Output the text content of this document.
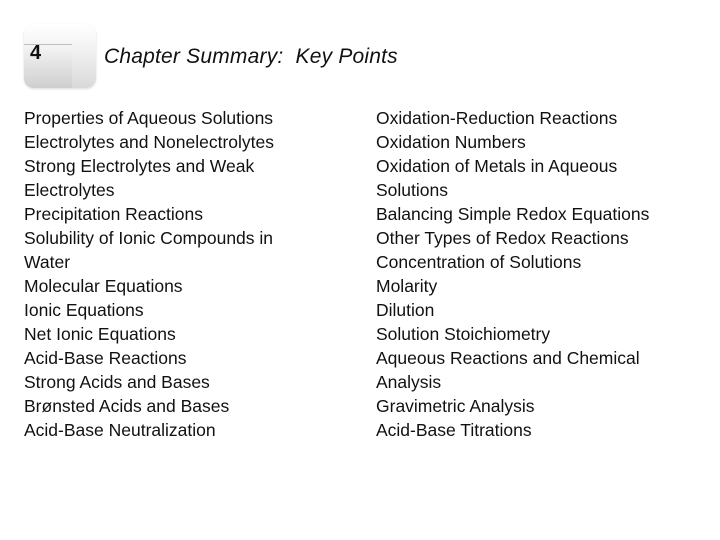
4	Chapter Summary:  Key Points
Properties of Aqueous Solutions
Electrolytes and Nonelectrolytes
Strong Electrolytes and Weak
Electrolytes
Precipitation Reactions
Solubility of Ionic Compounds in
Water
Molecular Equations
Ionic Equations
Net Ionic Equations
Acid-Base Reactions
Strong Acids and Bases
Brønsted Acids and Bases
Acid-Base Neutralization
Oxidation-Reduction Reactions
Oxidation Numbers
Oxidation of Metals in Aqueous
Solutions
Balancing Simple Redox Equations
Other Types of Redox Reactions
Concentration of Solutions
Molarity
Dilution
Solution Stoichiometry
Aqueous Reactions and Chemical
Analysis
Gravimetric Analysis
Acid-Base Titrations
